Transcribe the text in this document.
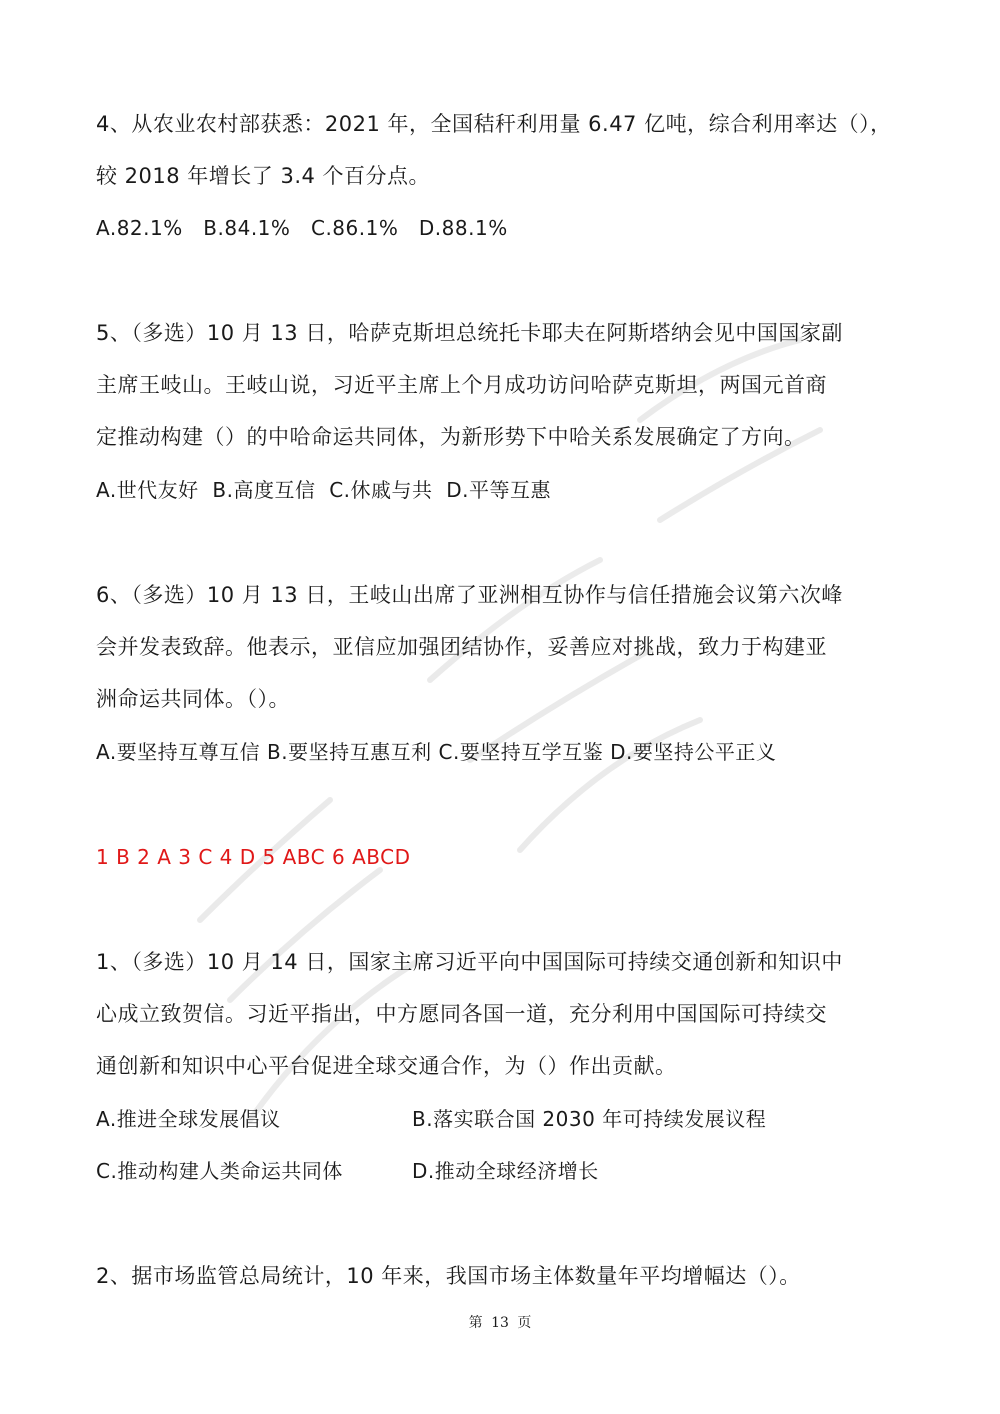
4、从农业农村部获悉：2021 年，全国秸秆利用量 6.47 亿吨，综合利用率达（），
较 2018 年增长了 3.4 个百分点。
A.82.1%   B.84.1%   C.86.1%   D.88.1%
5、（多选）10 月 13 日，哈萨克斯坦总统托卡耶夫在阿斯塔纳会见中国国家副
主席王岐山。王岐山说，习近平主席上个月成功访问哈萨克斯坦，两国元首商
定推动构建（）的中哈命运共同体，为新形势下中哈关系发展确定了方向。
A.世代友好  B.高度互信  C.休戚与共  D.平等互惠
6、（多选）10 月 13 日，王岐山出席了亚洲相互协作与信任措施会议第六次峰
会并发表致辞。他表示，亚信应加强团结协作，妥善应对挑战，致力于构建亚
洲命运共同体。（）。
A.要坚持互尊互信 B.要坚持互惠互利 C.要坚持互学互鉴 D.要坚持公平正义
1 B 2 A 3 C 4 D 5 ABC 6 ABCD
1、（多选）10 月 14 日，国家主席习近平向中国国际可持续交通创新和知识中
心成立致贺信。习近平指出，中方愿同各国一道，充分利用中国国际可持续交
通创新和知识中心平台促进全球交通合作，为（）作出贡献。
A.推进全球发展倡议	B.落实联合国 2030 年可持续发展议程
C.推动构建人类命运共同体	D.推动全球经济增长
2、据市场监管总局统计，10 年来，我国市场主体数量年平均增幅达（）。
第 13 页
